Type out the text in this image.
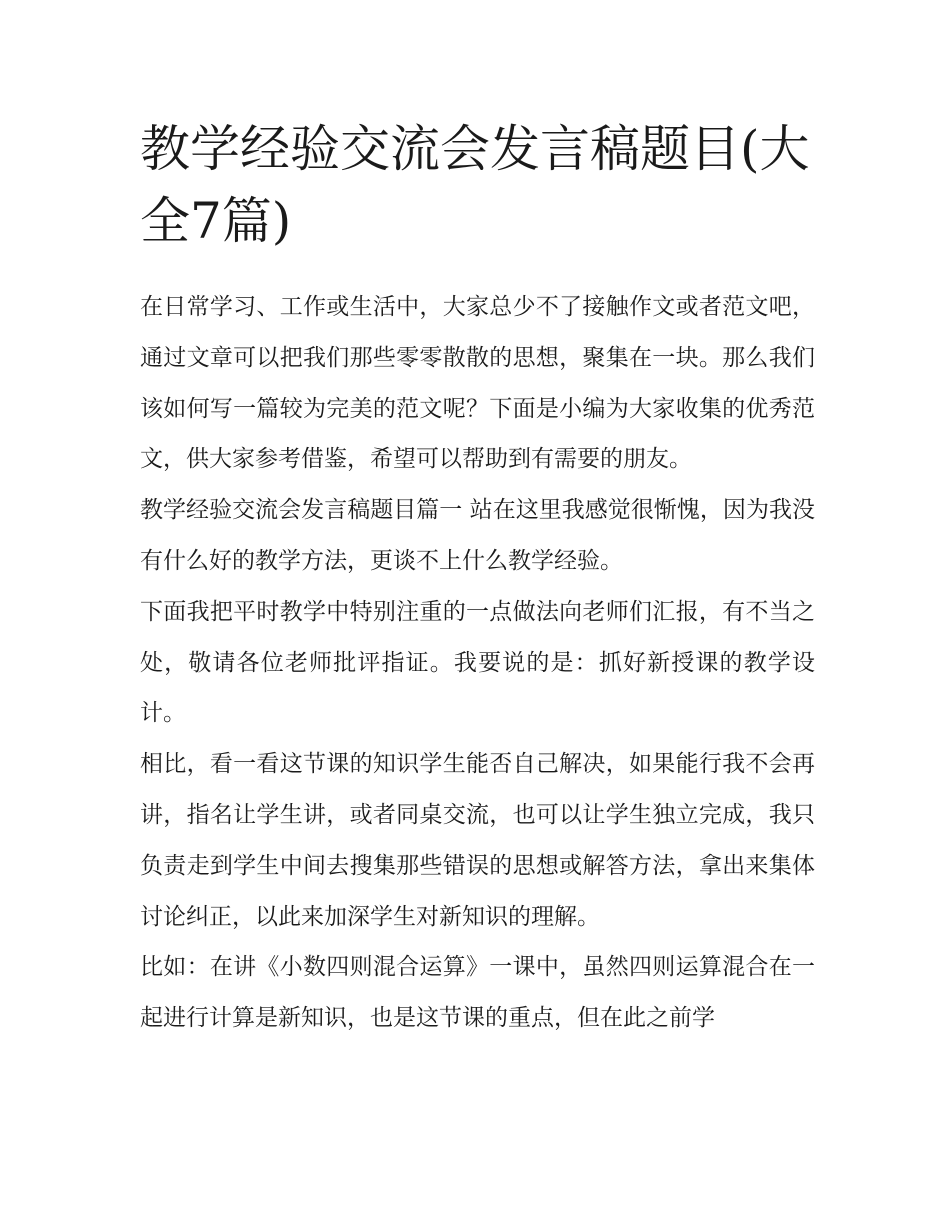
教学经验交流会发言稿题目(大全7篇)

在日常学习、工作或生活中，大家总少不了接触作文或者范文吧，通过文章可以把我们那些零零散散的思想，聚集在一块。那么我们该如何写一篇较为完美的范文呢？下面是小编为大家收集的优秀范文，供大家参考借鉴，希望可以帮助到有需要的朋友。

教学经验交流会发言稿题目篇一 站在这里我感觉很惭愧，因为我没有什么好的教学方法，更谈不上什么教学经验。

下面我把平时教学中特别注重的一点做法向老师们汇报，有不当之处，敬请各位老师批评指证。我要说的是：抓好新授课的教学设计。

相比，看一看这节课的知识学生能否自己解决，如果能行我不会再讲，指名让学生讲，或者同桌交流，也可以让学生独立完成，我只负责走到学生中间去搜集那些错误的思想或解答方法，拿出来集体讨论纠正，以此来加深学生对新知识的理解。

比如：在讲《小数四则混合运算》一课中，虽然四则运算混合在一起进行计算是新知识，也是这节课的重点，但在此之前学
